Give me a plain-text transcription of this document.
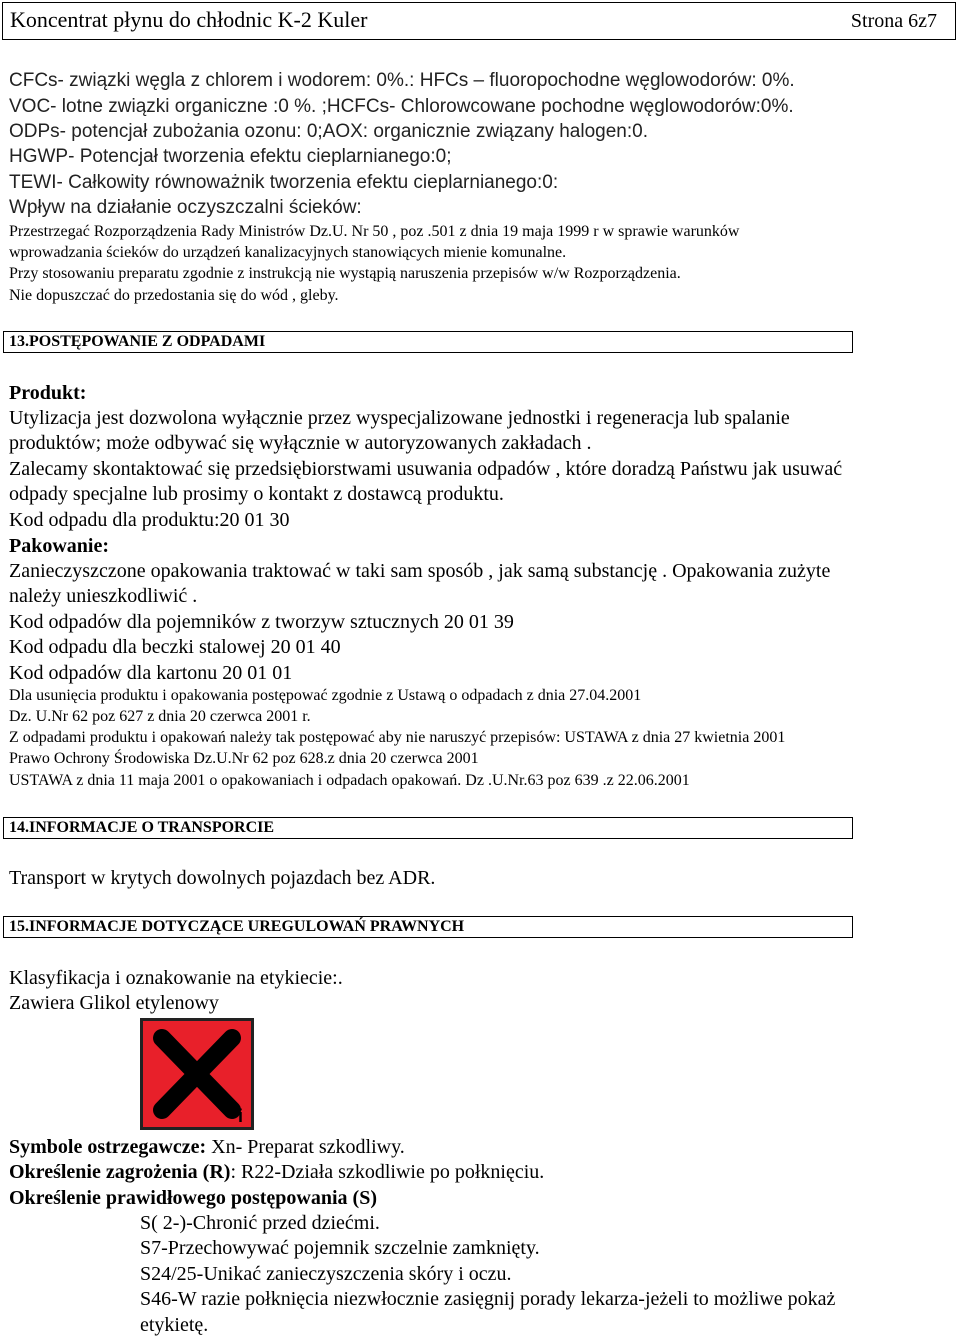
Koncentrat płynu do chłodnic K-2 Kuler	Strona 6z7
CFCs- związki węgla z chlorem i wodorem: 0%.: HFCs – fluoropochodne węglowodorów: 0%.
VOC- lotne związki organiczne :0 %. ;HCFCs- Chlorowcowane pochodne węglowodorów:0%.
ODPs- potencjał zubożania ozonu: 0;AOX: organicznie związany halogen:0.
HGWP- Potencjał tworzenia efektu cieplarnianego:0;
TEWI- Całkowity równoważnik tworzenia efektu cieplarnianego:0:
Wpływ na działanie oczyszczalni ścieków:
Przestrzegać Rozporządzenia Rady Ministrów Dz.U. Nr 50 , poz .501 z dnia 19 maja 1999 r w sprawie warunków
wprowadzania ścieków do urządzeń kanalizacyjnych stanowiących mienie komunalne.
Przy stosowaniu preparatu zgodnie z instrukcją nie wystąpią naruszenia przepisów w/w Rozporządzenia.
Nie dopuszczać do przedostania się do wód , gleby.
13.POSTĘPOWANIE Z ODPADAMI
Produkt:
Utylizacja jest dozwolona wyłącznie przez wyspecjalizowane jednostki i regeneracja lub spalanie
produktów; może odbywać się wyłącznie w autoryzowanych zakładach .
Zalecamy skontaktować się przedsiębiorstwami usuwania odpadów , które doradzą Państwu jak usuwać
odpady specjalne lub prosimy o kontakt z dostawcą produktu.
Kod odpadu dla produktu:20 01 30
Pakowanie:
Zanieczyszczone opakowania traktować w taki sam sposób , jak samą substancję . Opakowania zużyte
należy unieszkodliwić .
Kod odpadów dla pojemników z tworzyw sztucznych 20 01 39
Kod odpadu dla beczki stalowej 20 01 40
Kod odpadów dla kartonu 20 01 01
Dla usunięcia produktu i opakowania postępować zgodnie z Ustawą o odpadach z dnia 27.04.2001
Dz. U.Nr 62 poz 627 z dnia 20 czerwca 2001 r.
Z odpadami produktu i opakowań należy tak postępować aby nie naruszyć przepisów: USTAWA z dnia 27 kwietnia 2001
Prawo Ochrony Środowiska Dz.U.Nr 62 poz 628.z dnia 20 czerwca 2001
USTAWA z dnia 11 maja 2001 o opakowaniach i odpadach opakowań. Dz .U.Nr.63 poz 639 .z 22.06.2001
14.INFORMACJE O TRANSPORCIE
Transport w krytych dowolnych pojazdach bez ADR.
15.INFORMACJE DOTYCZĄCE UREGULOWAŃ PRAWNYCH
Klasyfikacja i oznakowanie na etykiecie:.
Zawiera Glikol etylenowy
i
Symbole ostrzegawcze: Xn- Preparat szkodliwy.
Określenie zagrożenia (R): R22-Działa szkodliwie po połknięciu.
Określenie prawidłowego postępowania (S)
S( 2-)-Chronić przed dziećmi.
S7-Przechowywać pojemnik szczelnie zamknięty.
S24/25-Unikać zanieczyszczenia skóry i oczu.
S46-W razie połknięcia niezwłocznie zasięgnij porady lekarza-jeżeli to możliwe pokaż
etykietę.
